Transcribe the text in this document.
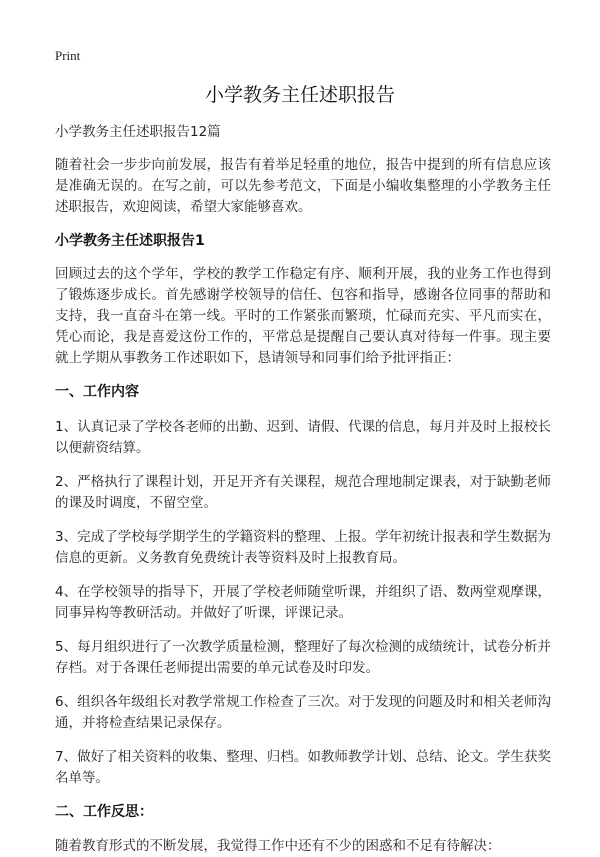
Print
小学教务主任述职报告

小学教务主任述职报告12篇

随着社会一步步向前发展，报告有着举足轻重的地位，报告中提到的所有信息应该是准确无误的。在写之前，可以先参考范文，下面是小编收集整理的小学教务主任述职报告，欢迎阅读，希望大家能够喜欢。

小学教务主任述职报告1

回顾过去的这个学年，学校的教学工作稳定有序、顺利开展，我的业务工作也得到了锻炼逐步成长。首先感谢学校领导的信任、包容和指导，感谢各位同事的帮助和支持，我一直奋斗在第一线。平时的工作紧张而繁琐，忙碌而充实、平凡而实在，凭心而论，我是喜爱这份工作的，平常总是提醒自己要认真对待每一件事。现主要就上学期从事教务工作述职如下，恳请领导和同事们给予批评指正：

一、工作内容

1、认真记录了学校各老师的出勤、迟到、请假、代课的信息，每月并及时上报校长以便薪资结算。

2、严格执行了课程计划，开足开齐有关课程，规范合理地制定课表，对于缺勤老师的课及时调度，不留空堂。

3、完成了学校每学期学生的学籍资料的整理、上报。学年初统计报表和学生数据为信息的更新。义务教育免费统计表等资料及时上报教育局。

4、在学校领导的指导下，开展了学校老师随堂听课，并组织了语、数两堂观摩课，同事异构等教研活动。并做好了听课，评课记录。

5、每月组织进行了一次教学质量检测，整理好了每次检测的成绩统计，试卷分析并存档。对于各课任老师提出需要的单元试卷及时印发。

6、组织各年级组长对教学常规工作检查了三次。对于发现的问题及时和相关老师沟通，并将检查结果记录保存。

7、做好了相关资料的收集、整理、归档。如教师教学计划、总结、论文。学生获奖名单等。

二、工作反思：

随着教育形式的不断发展，我觉得工作中还有不少的困惑和不足有待解决：
